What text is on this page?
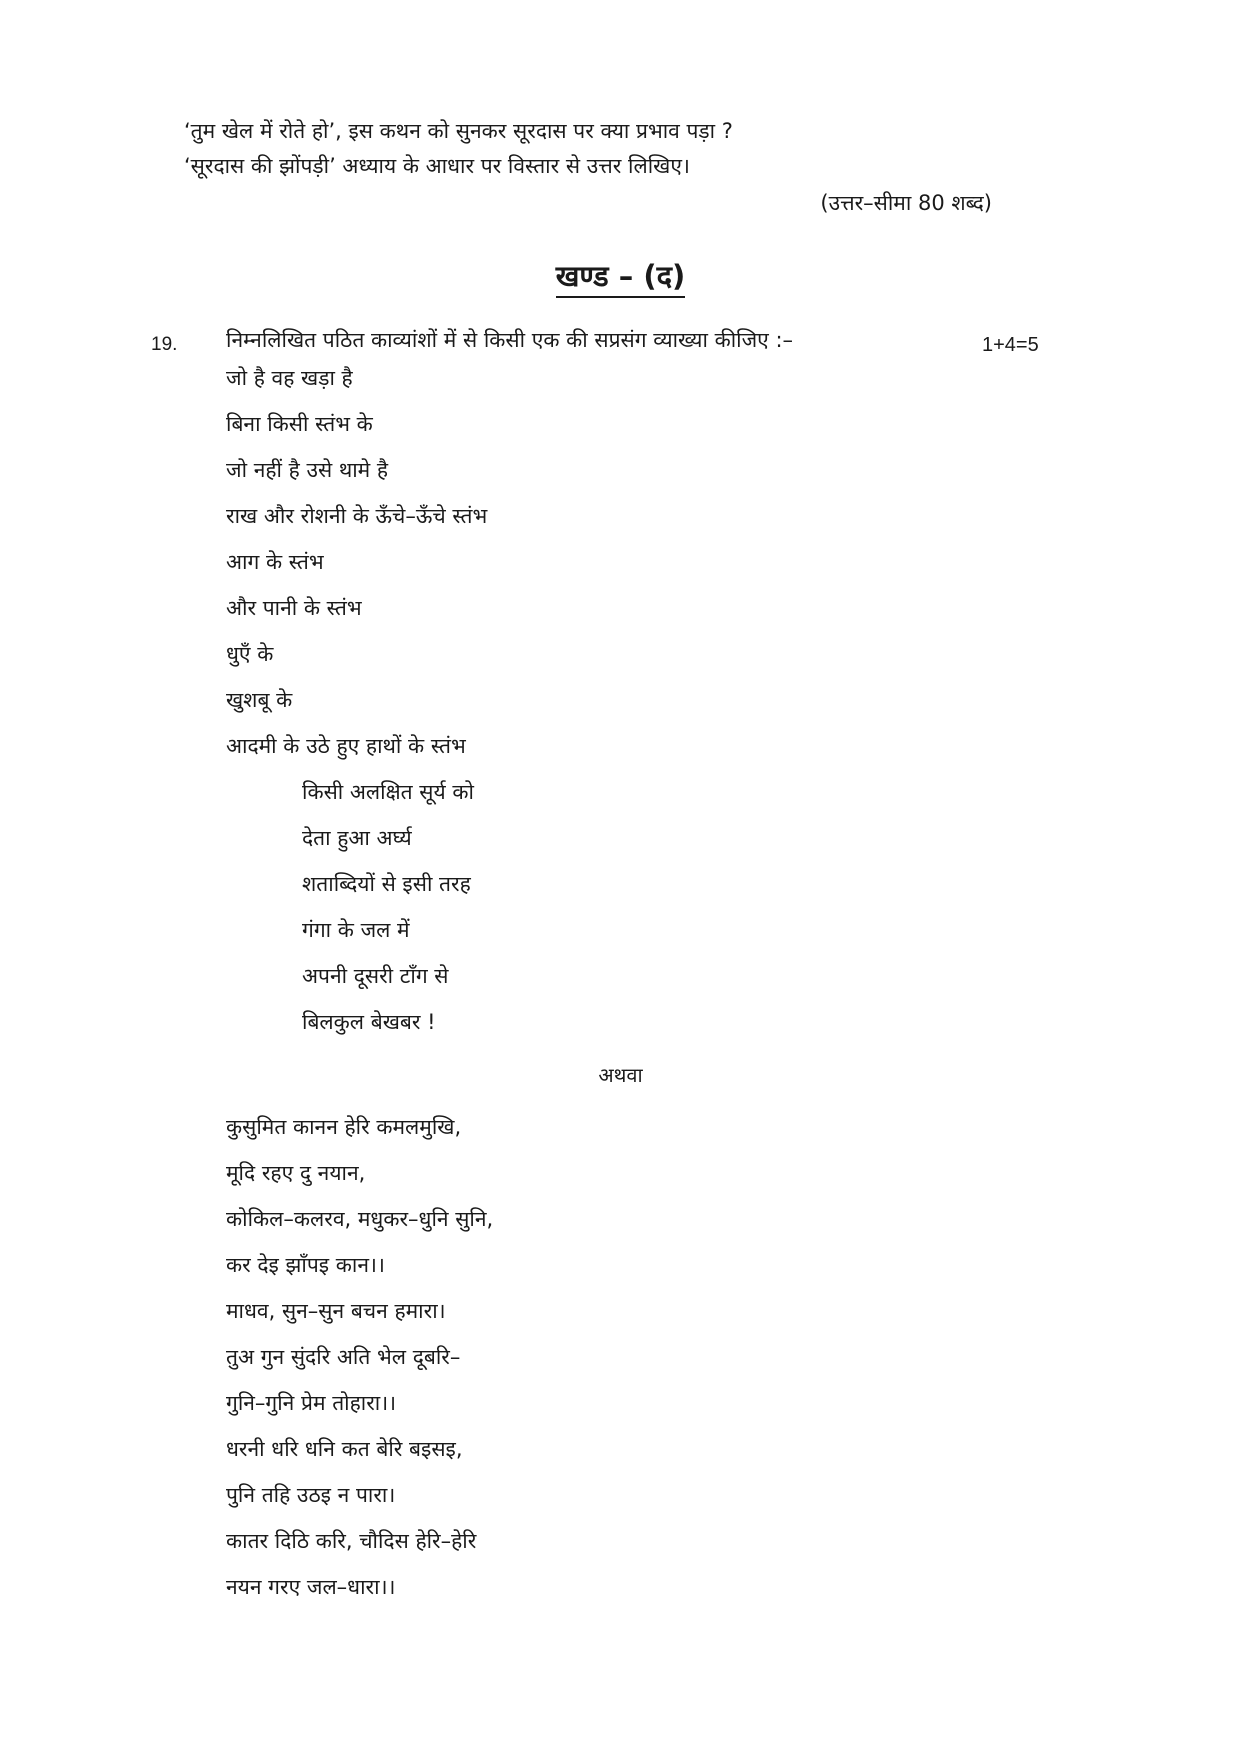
‘तुम खेल में रोते हो’, इस कथन को सुनकर सूरदास पर क्या प्रभाव पड़ा ?
‘सूरदास की झोंपड़ी’ अध्याय के आधार पर विस्तार से उत्तर लिखिए।
(उत्तर–सीमा 80 शब्द)
खण्ड – (द)
19. निम्नलिखित पठित काव्यांशों में से किसी एक की सप्रसंग व्याख्या कीजिए :–	1+4=5
जो है वह खड़ा है
बिना किसी स्तंभ के
जो नहीं है उसे थामे है
राख और रोशनी के ऊँचे–ऊँचे स्तंभ
आग के स्तंभ
और पानी के स्तंभ
धुएँ के
खुशबू के
आदमी के उठे हुए हाथों के स्तंभ
किसी अलक्षित सूर्य को
देता हुआ अर्घ्य
शताब्दियों से इसी तरह
गंगा के जल में
अपनी दूसरी टाँग से
बिलकुल बेखबर !
अथवा
कुसुमित कानन हेरि कमलमुखि,
मूदि रहए दु नयान,
कोकिल–कलरव, मधुकर–धुनि सुनि,
कर देइ झाँपइ कान।।
माधव, सुन–सुन बचन हमारा।
तुअ गुन सुंदरि अति भेल दूबरि–
गुनि–गुनि प्रेम तोहारा।।
धरनी धरि धनि कत बेरि बइसइ,
पुनि तहि उठइ न पारा।
कातर दिठि करि, चौदिस हेरि–हेरि
नयन गरए जल–धारा।।
